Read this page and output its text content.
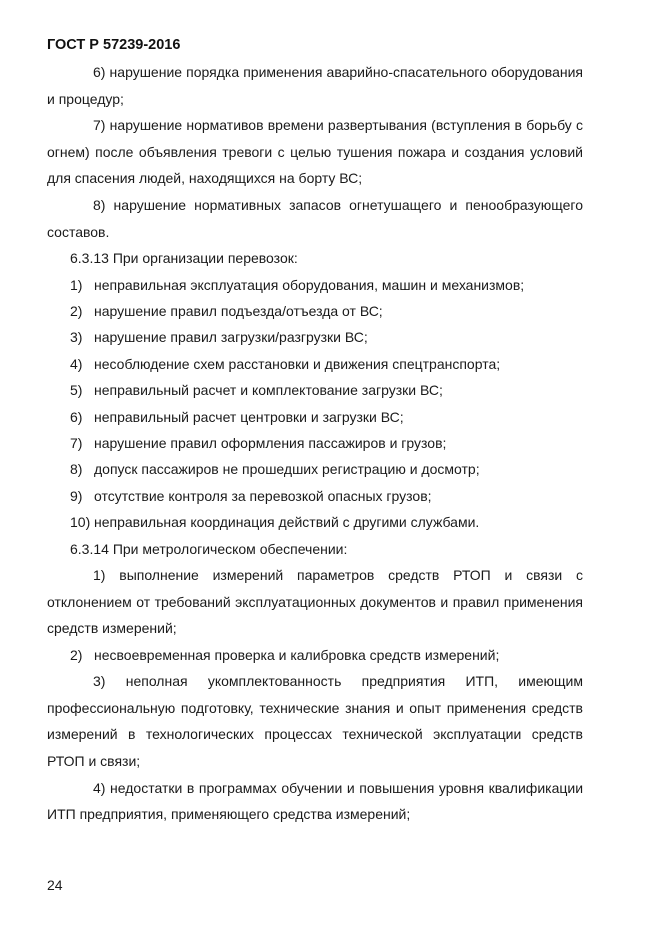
ГОСТ Р 57239-2016

6) нарушение порядка применения аварийно-спасательного оборудования и процедур;

7) нарушение нормативов времени развертывания (вступления в борьбу с огнем) после объявления тревоги с целью тушения пожара и создания условий для спасения людей, находящихся на борту ВС;

8) нарушение нормативных запасов огнетушащего и пенообразующего составов.

6.3.13 При организации перевозок:

1) неправильная эксплуатация оборудования, машин и механизмов;

2) нарушение правил подъезда/отъезда от ВС;

3) нарушение правил загрузки/разгрузки ВС;

4) несоблюдение схем расстановки и движения спецтранспорта;

5) неправильный расчет и комплектование загрузки ВС;

6) неправильный расчет центровки и загрузки ВС;

7) нарушение правил оформления пассажиров и грузов;

8) допуск пассажиров не прошедших регистрацию и досмотр;

9) отсутствие контроля за перевозкой опасных грузов;

10) неправильная координация действий с другими службами.

6.3.14 При метрологическом обеспечении:

1) выполнение измерений параметров средств РТОП и связи с отклонением от требований эксплуатационных документов и правил применения средств измерений;

2) несвоевременная проверка и калибровка средств измерений;

3) неполная укомплектованность предприятия ИТП, имеющим профессиональную подготовку, технические знания и опыт применения средств измерений в технологических процессах технической эксплуатации средств РТОП и связи;

4) недостатки в программах обучении и повышения уровня квалификации ИТП предприятия, применяющего средства измерений;

24
